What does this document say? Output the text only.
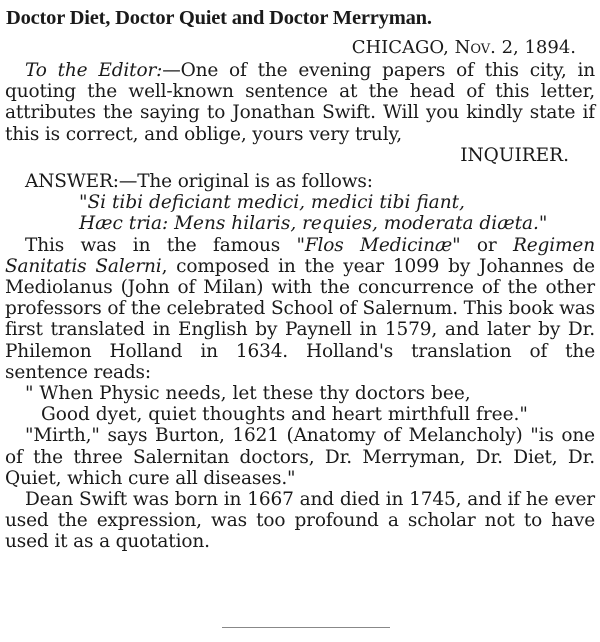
Doctor Diet, Doctor Quiet and Doctor Merryman.
CHICAGO, Nov. 2, 1894.

To the Editor:—One of the evening papers of this city, in quoting the well-known sentence at the head of this letter, attributes the saying to Jonathan Swift. Will you kindly state if this is correct, and oblige, yours very truly,

INQUIRER.

ANSWER:—The original is as follows:

"Si tibi deficiant medici, medici tibi fiant,

Hæc tria: Mens hilaris, requies, moderata diæta."

This was in the famous "Flos Medicinæ" or Regimen Sanitatis Salerni, composed in the year 1099 by Johannes de Mediolanus (John of Milan) with the concurrence of the other professors of the celebrated School of Salernum. This book was first translated in English by Paynell in 1579, and later by Dr. Philemon Holland in 1634. Holland's translation of the sentence reads:

" When Physic needs, let these thy doctors bee,

Good dyet, quiet thoughts and heart mirthfull free."

"Mirth," says Burton, 1621 (Anatomy of Melancholy) "is one of the three Salernitan doctors, Dr. Merryman, Dr. Diet, Dr. Quiet, which cure all diseases."

Dean Swift was born in 1667 and died in 1745, and if he ever used the expression, was too profound a scholar not to have used it as a quotation.
